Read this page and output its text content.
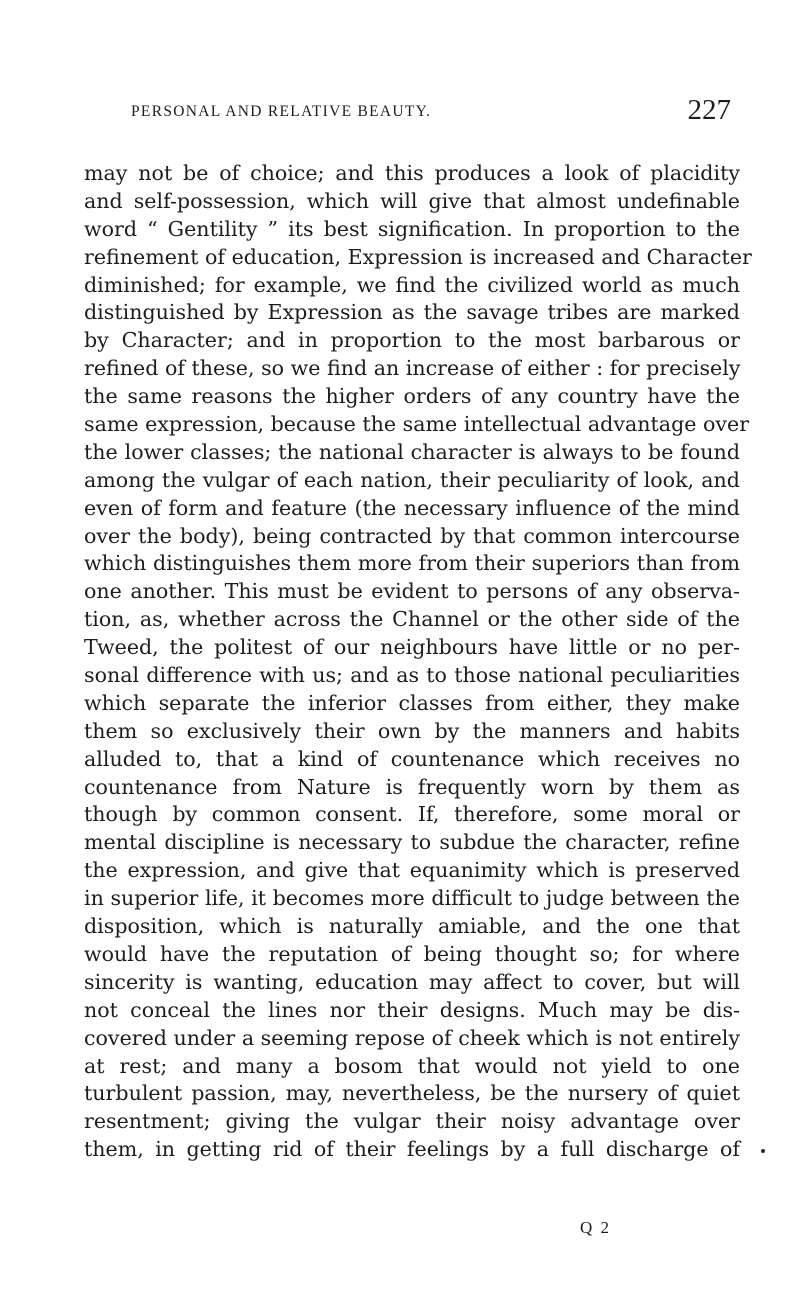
PERSONAL AND RELATIVE BEAUTY.	227
may not be of choice; and this produces a look of placidity
and self-possession, which will give that almost undefinable
word “ Gentility ” its best signification. In proportion to the
refinement of education, Expression is increased and Character
diminished; for example, we find the civilized world as much
distinguished by Expression as the savage tribes are marked
by Character; and in proportion to the most barbarous or
refined of these, so we find an increase of either : for precisely
the same reasons the higher orders of any country have the
same expression, because the same intellectual advantage over
the lower classes; the national character is always to be found
among the vulgar of each nation, their peculiarity of look, and
even of form and feature (the necessary influence of the mind
over the body), being contracted by that common intercourse
which distinguishes them more from their superiors than from
one another. This must be evident to persons of any observa-
tion, as, whether across the Channel or the other side of the
Tweed, the politest of our neighbours have little or no per-
sonal difference with us; and as to those national peculiarities
which separate the inferior classes from either, they make
them so exclusively their own by the manners and habits
alluded to, that a kind of countenance which receives no
countenance from Nature is frequently worn by them as
though by common consent. If, therefore, some moral or
mental discipline is necessary to subdue the character, refine
the expression, and give that equanimity which is preserved
in superior life, it becomes more difficult to judge between the
disposition, which is naturally amiable, and the one that
would have the reputation of being thought so; for where
sincerity is wanting, education may affect to cover, but will
not conceal the lines nor their designs. Much may be dis-
covered under a seeming repose of cheek which is not entirely
at rest; and many a bosom that would not yield to one
turbulent passion, may, nevertheless, be the nursery of quiet
resentment; giving the vulgar their noisy advantage over
them, in getting rid of their feelings by a full discharge of
Q 2
